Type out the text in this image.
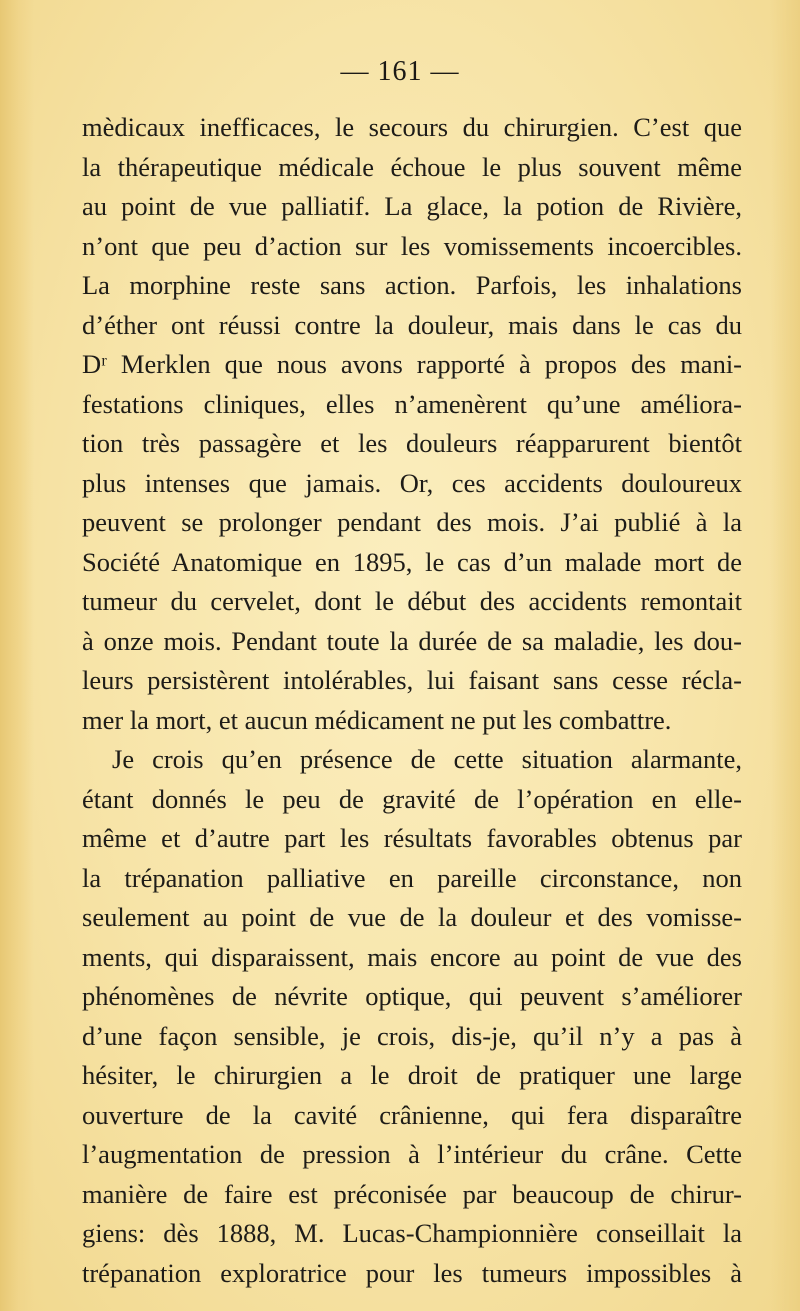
— 161 —
mèdicaux inefficaces, le secours du chirurgien. C’est que
la thérapeutique médicale échoue le plus souvent même
au point de vue palliatif. La glace, la potion de Rivière,
n’ont que peu d’action sur les vomissements incoercibles.
La morphine reste sans action. Parfois, les inhalations
d’éther ont réussi contre la douleur, mais dans le cas du
Dʳ Merklen que nous avons rapporté à propos des mani-
festations cliniques, elles n’amenèrent qu’une améliora-
tion très passagère et les douleurs réapparurent bientôt
plus intenses que jamais. Or, ces accidents douloureux
peuvent se prolonger pendant des mois. J’ai publié à la
Société Anatomique en 1895, le cas d’un malade mort de
tumeur du cervelet, dont le début des accidents remontait
à onze mois. Pendant toute la durée de sa maladie, les dou-
leurs persistèrent intolérables, lui faisant sans cesse récla-
mer la mort, et aucun médicament ne put les combattre.
Je crois qu’en présence de cette situation alarmante,
étant donnés le peu de gravité de l’opération en elle-
même et d’autre part les résultats favorables obtenus par
la trépanation palliative en pareille circonstance, non
seulement au point de vue de la douleur et des vomisse-
ments, qui disparaissent, mais encore au point de vue des
phénomènes de névrite optique, qui peuvent s’améliorer
d’une façon sensible, je crois, dis-je, qu’il n’y a pas à
hésiter, le chirurgien a le droit de pratiquer une large
ouverture de la cavité crânienne, qui fera disparaître
l’augmentation de pression à l’intérieur du crâne. Cette
manière de faire est préconisée par beaucoup de chirur-
giens: dès 1888, M. Lucas-Championnière conseillait la
trépanation exploratrice pour les tumeurs impossibles à
